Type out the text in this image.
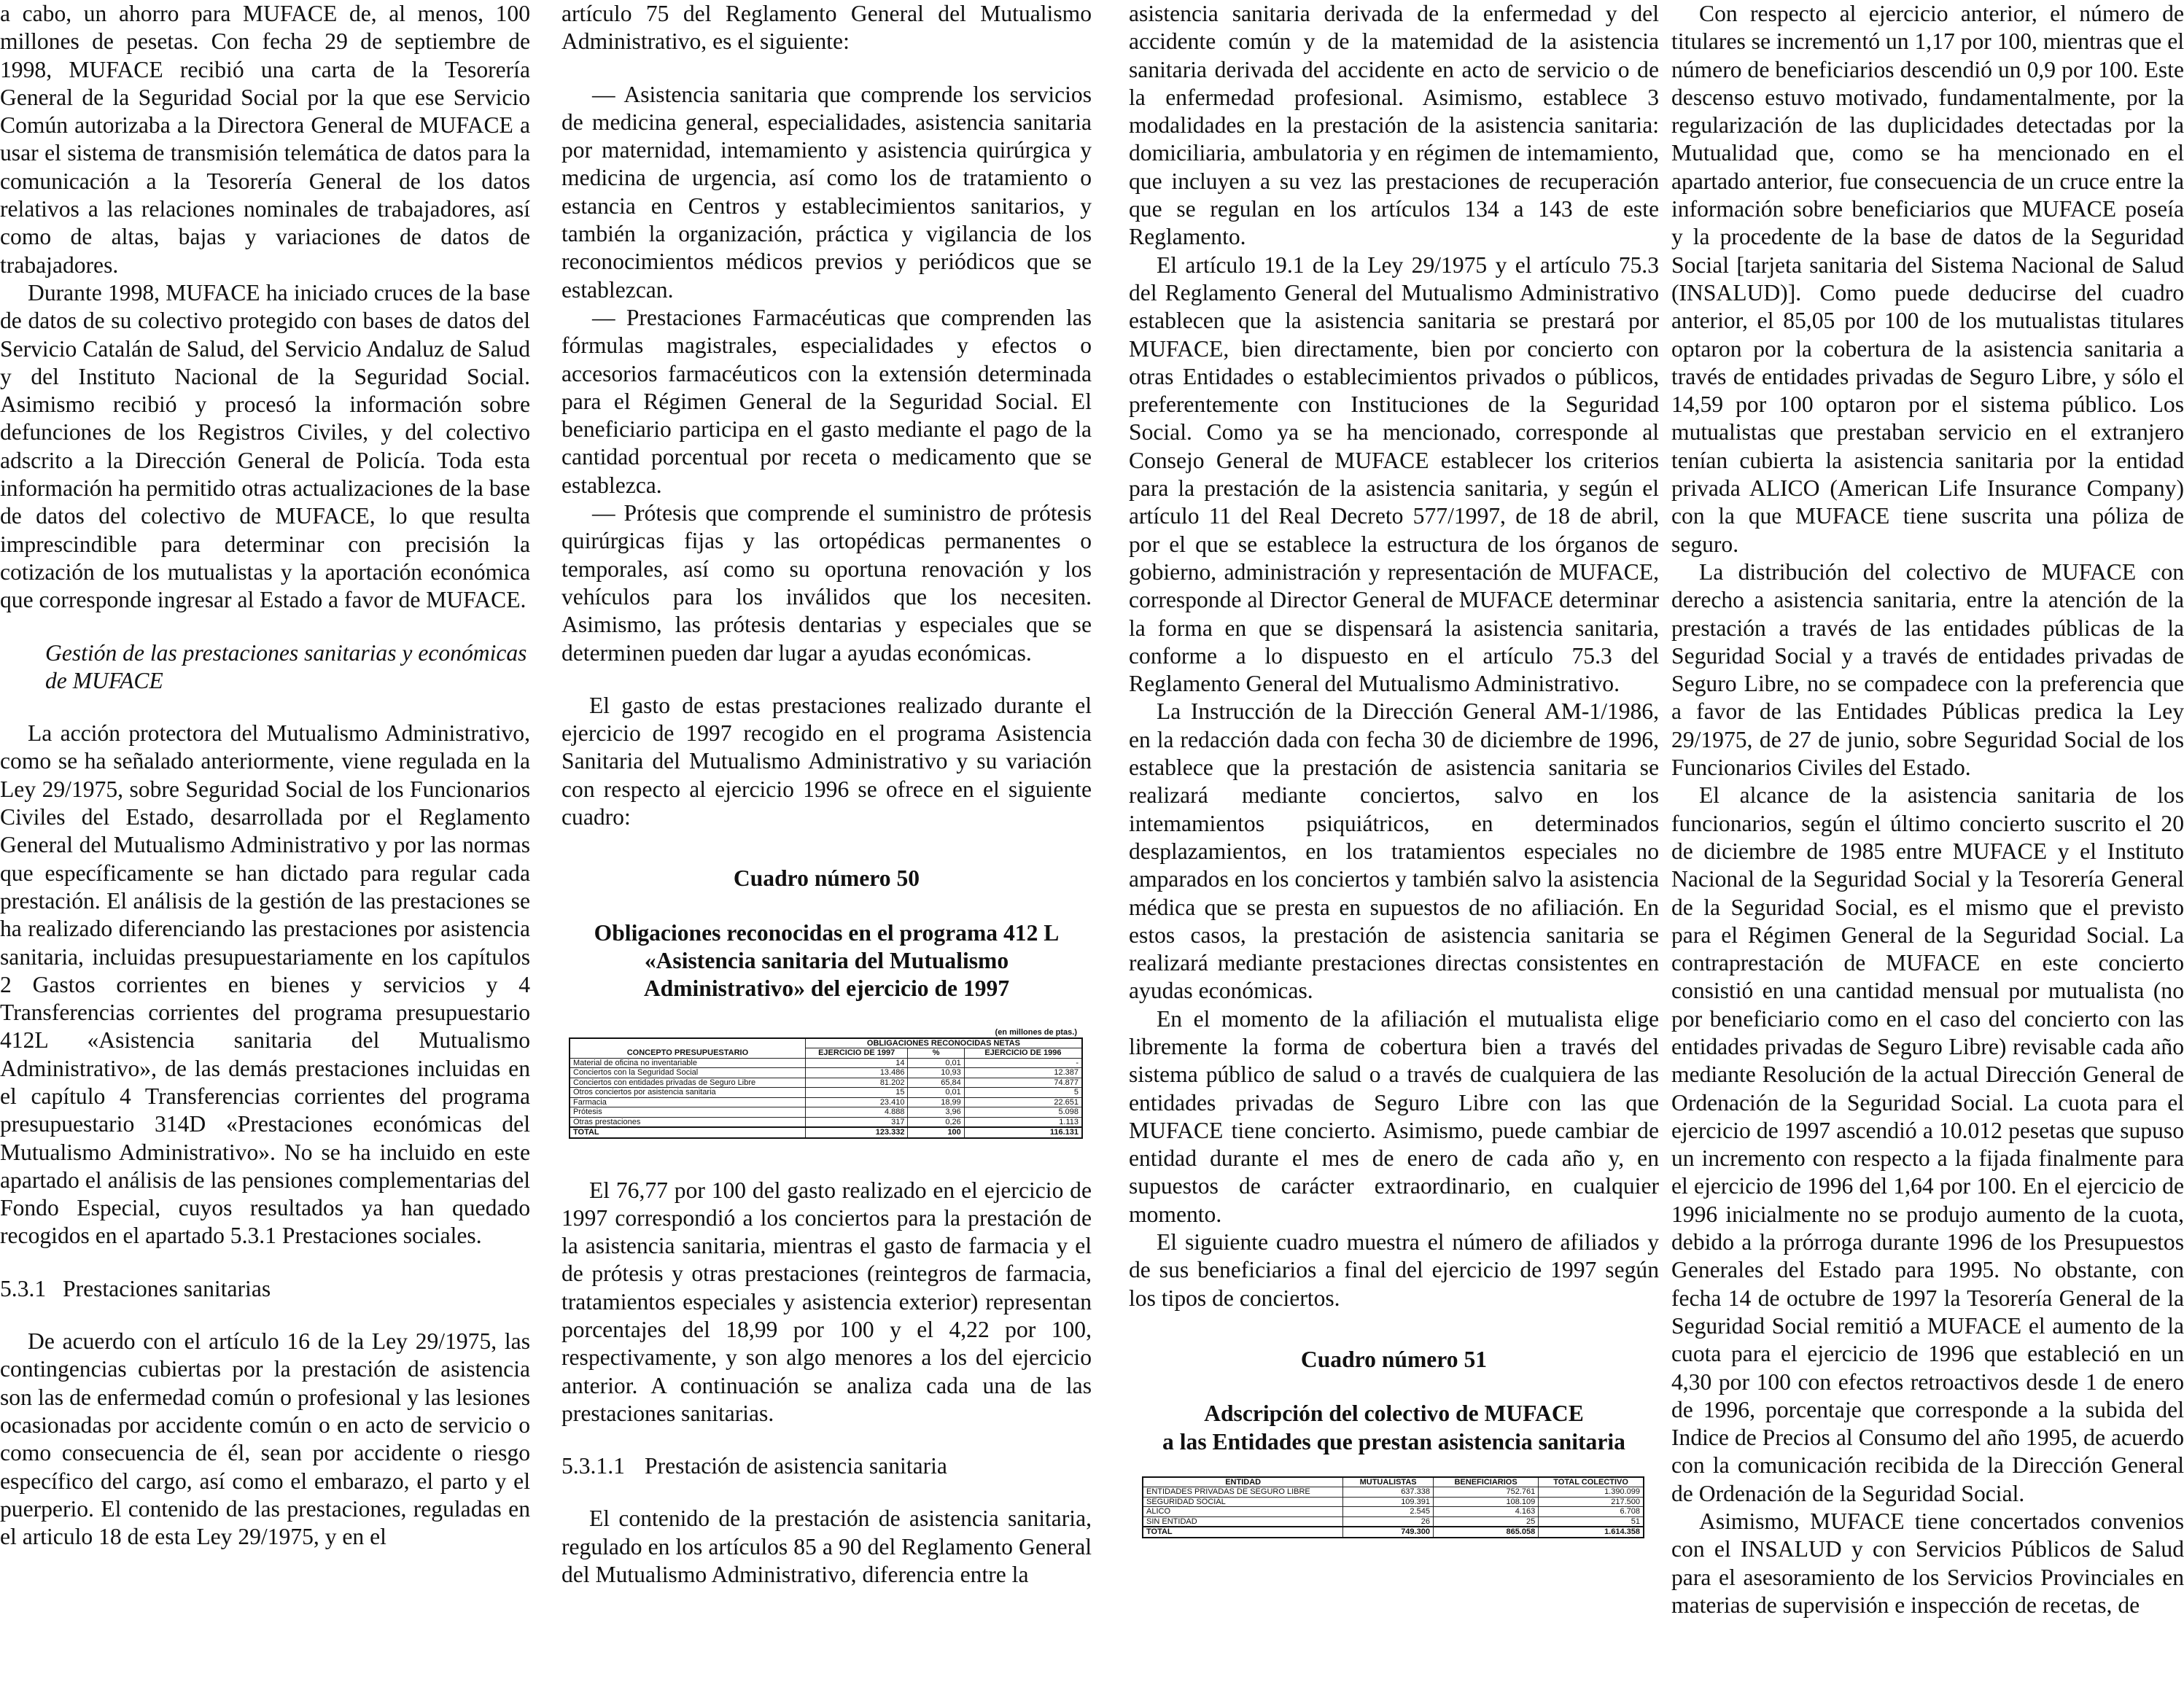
a cabo, un ahorro para MUFACE de, al menos, 100 millones de pesetas. Con fecha 29 de septiembre de 1998, MUFACE recibió una carta de la Tesorería General de la Seguridad Social por la que ese Servicio Común autorizaba a la Directora General de MUFACE a usar el sistema de transmisión telemática de datos para la comunicación a la Tesorería General de los datos relativos a las relaciones nominales de trabajadores, así como de altas, bajas y variaciones de datos de trabajadores.

Durante 1998, MUFACE ha iniciado cruces de la base de datos de su colectivo protegido con bases de datos del Servicio Catalán de Salud, del Servicio Andaluz de Salud y del Instituto Nacional de la Seguridad Social. Asimismo recibió y procesó la información sobre defunciones de los Registros Civiles, y del colectivo adscrito a la Dirección General de Policía. Toda esta información ha permitido otras actualizaciones de la base de datos del colectivo de MUFACE, lo que resulta imprescindible para determinar con precisión la cotización de los mutualistas y la aportación económica que corresponde ingresar al Estado a favor de MUFACE.

Gestión de las prestaciones sanitarias y económicas de MUFACE

La acción protectora del Mutualismo Administrativo, como se ha señalado anteriormente, viene regulada en la Ley 29/1975, sobre Seguridad Social de los Funcionarios Civiles del Estado, desarrollada por el Reglamento General del Mutualismo Administrativo y por las normas que específicamente se han dictado para regular cada prestación. El análisis de la gestión de las prestaciones se ha realizado diferenciando las prestaciones por asistencia sanitaria, incluidas presupuestariamente en los capítulos 2 Gastos corrientes en bienes y servicios y 4 Transferencias corrientes del programa presupuestario 412L «Asistencia sanitaria del Mutualismo Administrativo», de las demás prestaciones incluidas en el capítulo 4 Transferencias corrientes del programa presupuestario 314D «Prestaciones económicas del Mutualismo Administrativo». No se ha incluido en este apartado el análisis de las pensiones complementarias del Fondo Especial, cuyos resultados ya han quedado recogidos en el apartado 5.3.1 Prestaciones sociales.

5.3.1 Prestaciones sanitarias

De acuerdo con el artículo 16 de la Ley 29/1975, las contingencias cubiertas por la prestación de asistencia son las de enfermedad común o profesional y las lesiones ocasionadas por accidente común o en acto de servicio o como consecuencia de él, sean por accidente o riesgo específico del cargo, así como el embarazo, el parto y el puerperio. El contenido de las prestaciones, reguladas en el articulo 18 de esta Ley 29/1975, y en el

artículo 75 del Reglamento General del Mutualismo Administrativo, es el siguiente:

— Asistencia sanitaria que comprende los servicios de medicina general, especialidades, asistencia sanitaria por maternidad, intemamiento y asistencia quirúrgica y medicina de urgencia, así como los de tratamiento o estancia en Centros y establecimientos sanitarios, y también la organización, práctica y vigilancia de los reconocimientos médicos previos y periódicos que se establezcan.

— Prestaciones Farmacéuticas que comprenden las fórmulas magistrales, especialidades y efectos o accesorios farmacéuticos con la extensión determinada para el Régimen General de la Seguridad Social. El beneficiario participa en el gasto mediante el pago de la cantidad porcentual por receta o medicamento que se establezca.

— Prótesis que comprende el suministro de prótesis quirúrgicas fijas y las ortopédicas permanentes o temporales, así como su oportuna renovación y los vehículos para los inválidos que los necesiten. Asimismo, las prótesis dentarias y especiales que se determinen pueden dar lugar a ayudas económicas.

El gasto de estas prestaciones realizado durante el ejercicio de 1997 recogido en el programa Asistencia Sanitaria del Mutualismo Administrativo y su variación con respecto al ejercicio 1996 se ofrece en el siguiente cuadro:

Cuadro número 50
Obligaciones reconocidas en el programa 412 L «Asistencia sanitaria del Mutualismo Administrativo» del ejercicio de 1997
(en millones de ptas.)
CONCEPTO PRESUPUESTARIO	OBLIGACIONES RECONOCIDAS NETAS		
	EJERCICIO DE 1997	%	EJERCICIO DE 1996
Material de oficina no inventariable	14	0,01	-
Conciertos con la Seguridad Social	13.486	10,93	12.387
Conciertos con entidades privadas de Seguro Libre	81.202	65,84	74.877
Otros conciertos por asistencia sanitaria	15	0,01	5
Farmacia	23.410	18,99	22.651
Prótesis	4.888	3,96	5.098
Otras prestaciones	317	0,26	1.113
TOTAL	123.332	100	116.131

El 76,77 por 100 del gasto realizado en el ejercicio de 1997 correspondió a los conciertos para la prestación de la asistencia sanitaria, mientras el gasto de farmacia y el de prótesis y otras prestaciones (reintegros de farmacia, tratamientos especiales y asistencia exterior) representan porcentajes del 18,99 por 100 y el 4,22 por 100, respectivamente, y son algo menores a los del ejercicio anterior. A continuación se analiza cada una de las prestaciones sanitarias.

5.3.1.1 Prestación de asistencia sanitaria

El contenido de la prestación de asistencia sanitaria, regulado en los artículos 85 a 90 del Reglamento General del Mutualismo Administrativo, diferencia entre la

asistencia sanitaria derivada de la enfermedad y del accidente común y de la matemidad de la asistencia sanitaria derivada del accidente en acto de servicio o de la enfermedad profesional. Asimismo, establece 3 modalidades en la prestación de la asistencia sanitaria: domiciliaria, ambulatoria y en régimen de intemamiento, que incluyen a su vez las prestaciones de recuperación que se regulan en los artículos 134 a 143 de este Reglamento.

El artículo 19.1 de la Ley 29/1975 y el artículo 75.3 del Reglamento General del Mutualismo Administrativo establecen que la asistencia sanitaria se prestará por MUFACE, bien directamente, bien por concierto con otras Entidades o establecimientos privados o públicos, preferentemente con Instituciones de la Seguridad Social. Como ya se ha mencionado, corresponde al Consejo General de MUFACE establecer los criterios para la prestación de la asistencia sanitaria, y según el artículo 11 del Real Decreto 577/1997, de 18 de abril, por el que se establece la estructura de los órganos de gobierno, administración y representación de MUFACE, corresponde al Director General de MUFACE determinar la forma en que se dispensará la asistencia sanitaria, conforme a lo dispuesto en el artículo 75.3 del Reglamento General del Mutualismo Administrativo.

La Instrucción de la Dirección General AM-1/1986, en la redacción dada con fecha 30 de diciembre de 1996, establece que la prestación de asistencia sanitaria se realizará mediante conciertos, salvo en los intemamientos psiquiátricos, en determinados desplazamientos, en los tratamientos especiales no amparados en los conciertos y también salvo la asistencia médica que se presta en supuestos de no afiliación. En estos casos, la prestación de asistencia sanitaria se realizará mediante prestaciones directas consistentes en ayudas económicas.

En el momento de la afiliación el mutualista elige libremente la forma de cobertura bien a través del sistema público de salud o a través de cualquiera de las entidades privadas de Seguro Libre con las que MUFACE tiene concierto. Asimismo, puede cambiar de entidad durante el mes de enero de cada año y, en supuestos de carácter extraordinario, en cualquier momento.

El siguiente cuadro muestra el número de afiliados y de sus beneficiarios a final del ejercicio de 1997 según los tipos de conciertos.

Cuadro número 51
Adscripción del colectivo de MUFACE
a las Entidades que prestan asistencia sanitaria
ENTIDAD	MUTUALISTAS	BENEFICIARIOS	TOTAL COLECTIVO
ENTIDADES PRIVADAS DE SEGURO LIBRE	637.338	752.761	1.390.099
SEGURIDAD SOCIAL	109.391	108.109	217.500
ALICO	2.545	4.163	6.708
SIN ENTIDAD	26	25	51
TOTAL	749.300	865.058	1.614.358

Con respecto al ejercicio anterior, el número de titulares se incrementó un 1,17 por 100, mientras que el número de beneficiarios descendió un 0,9 por 100. Este descenso estuvo motivado, fundamentalmente, por la regularización de las duplicidades detectadas por la Mutualidad que, como se ha mencionado en el apartado anterior, fue consecuencia de un cruce entre la información sobre beneficiarios que MUFACE poseía y la procedente de la base de datos de la Seguridad Social [tarjeta sanitaria del Sistema Nacional de Salud (INSALUD)]. Como puede deducirse del cuadro anterior, el 85,05 por 100 de los mutualistas titulares optaron por la cobertura de la asistencia sanitaria a través de entidades privadas de Seguro Libre, y sólo el 14,59 por 100 optaron por el sistema público. Los mutualistas que prestaban servicio en el extranjero tenían cubierta la asistencia sanitaria por la entidad privada ALICO (American Life Insurance Company) con la que MUFACE tiene suscrita una póliza de seguro.

La distribución del colectivo de MUFACE con derecho a asistencia sanitaria, entre la atención de la prestación a través de las entidades públicas de la Seguridad Social y a través de entidades privadas de Seguro Libre, no se compadece con la preferencia que a favor de las Entidades Públicas predica la Ley 29/1975, de 27 de junio, sobre Seguridad Social de los Funcionarios Civiles del Estado.

El alcance de la asistencia sanitaria de los funcionarios, según el último concierto suscrito el 20 de diciembre de 1985 entre MUFACE y el Instituto Nacional de la Seguridad Social y la Tesorería General de la Seguridad Social, es el mismo que el previsto para el Régimen General de la Seguridad Social. La contraprestación de MUFACE en este concierto consistió en una cantidad mensual por mutualista (no por beneficiario como en el caso del concierto con las entidades privadas de Seguro Libre) revisable cada año mediante Resolución de la actual Dirección General de Ordenación de la Seguridad Social. La cuota para el ejercicio de 1997 ascendió a 10.012 pesetas que supuso un incremento con respecto a la fijada finalmente para el ejercicio de 1996 del 1,64 por 100. En el ejercicio de 1996 inicialmente no se produjo aumento de la cuota, debido a la prórroga durante 1996 de los Presupuestos Generales del Estado para 1995. No obstante, con fecha 14 de octubre de 1997 la Tesorería General de la Seguridad Social remitió a MUFACE el aumento de la cuota para el ejercicio de 1996 que estableció en un 4,30 por 100 con efectos retroactivos desde 1 de enero de 1996, porcentaje que corresponde a la subida del Indice de Precios al Consumo del año 1995, de acuerdo con la comunicación recibida de la Dirección General de Ordenación de la Seguridad Social.

Asimismo, MUFACE tiene concertados convenios con el INSALUD y con Servicios Públicos de Salud para el asesoramiento de los Servicios Provinciales en materias de supervisión e inspección de recetas, de
